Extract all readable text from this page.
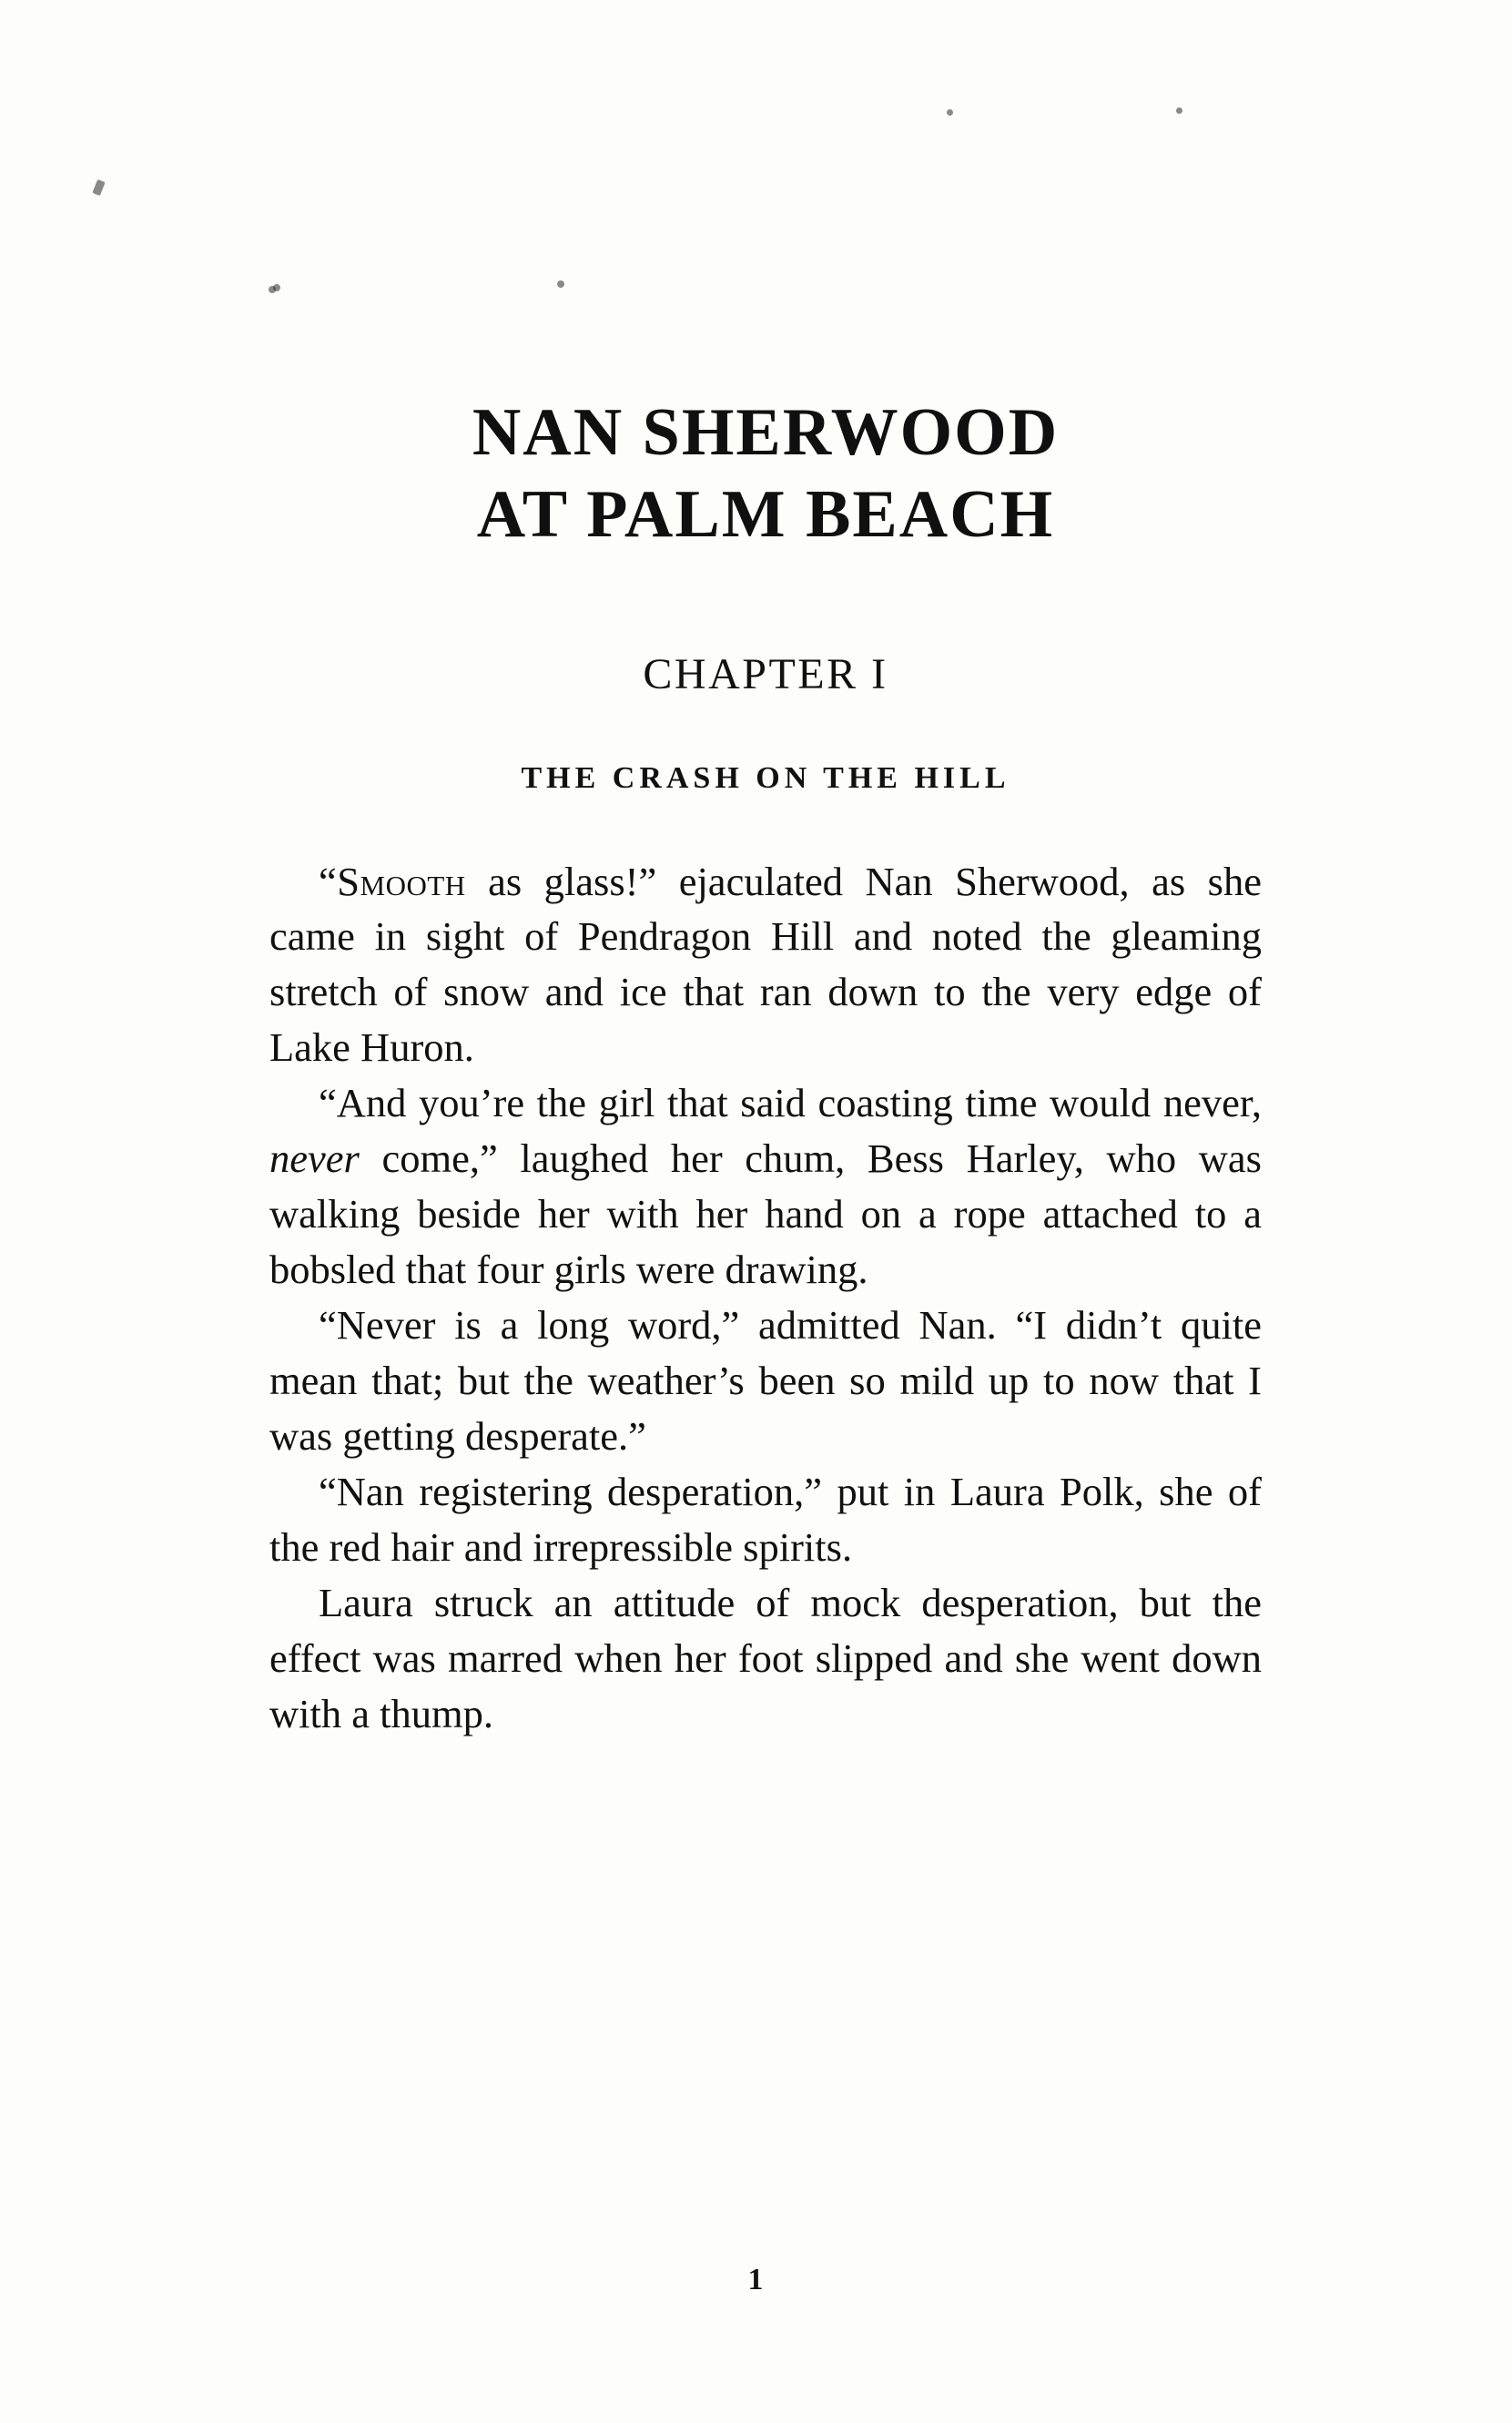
NAN SHERWOOD
AT PALM BEACH
CHAPTER I
THE CRASH ON THE HILL

“Smooth as glass!” ejaculated Nan Sherwood, as she came in sight of Pendragon Hill and noted the gleaming stretch of snow and ice that ran down to the very edge of Lake Huron.

“And you’re the girl that said coasting time would never, never come,” laughed her chum, Bess Harley, who was walking beside her with her hand on a rope attached to a bobsled that four girls were drawing.

“Never is a long word,” admitted Nan. “I didn’t quite mean that; but the weather’s been so mild up to now that I was getting desperate.”

“Nan registering desperation,” put in Laura Polk, she of the red hair and irrepressible spirits.

Laura struck an attitude of mock desperation, but the effect was marred when her foot slipped and she went down with a thump.

1
